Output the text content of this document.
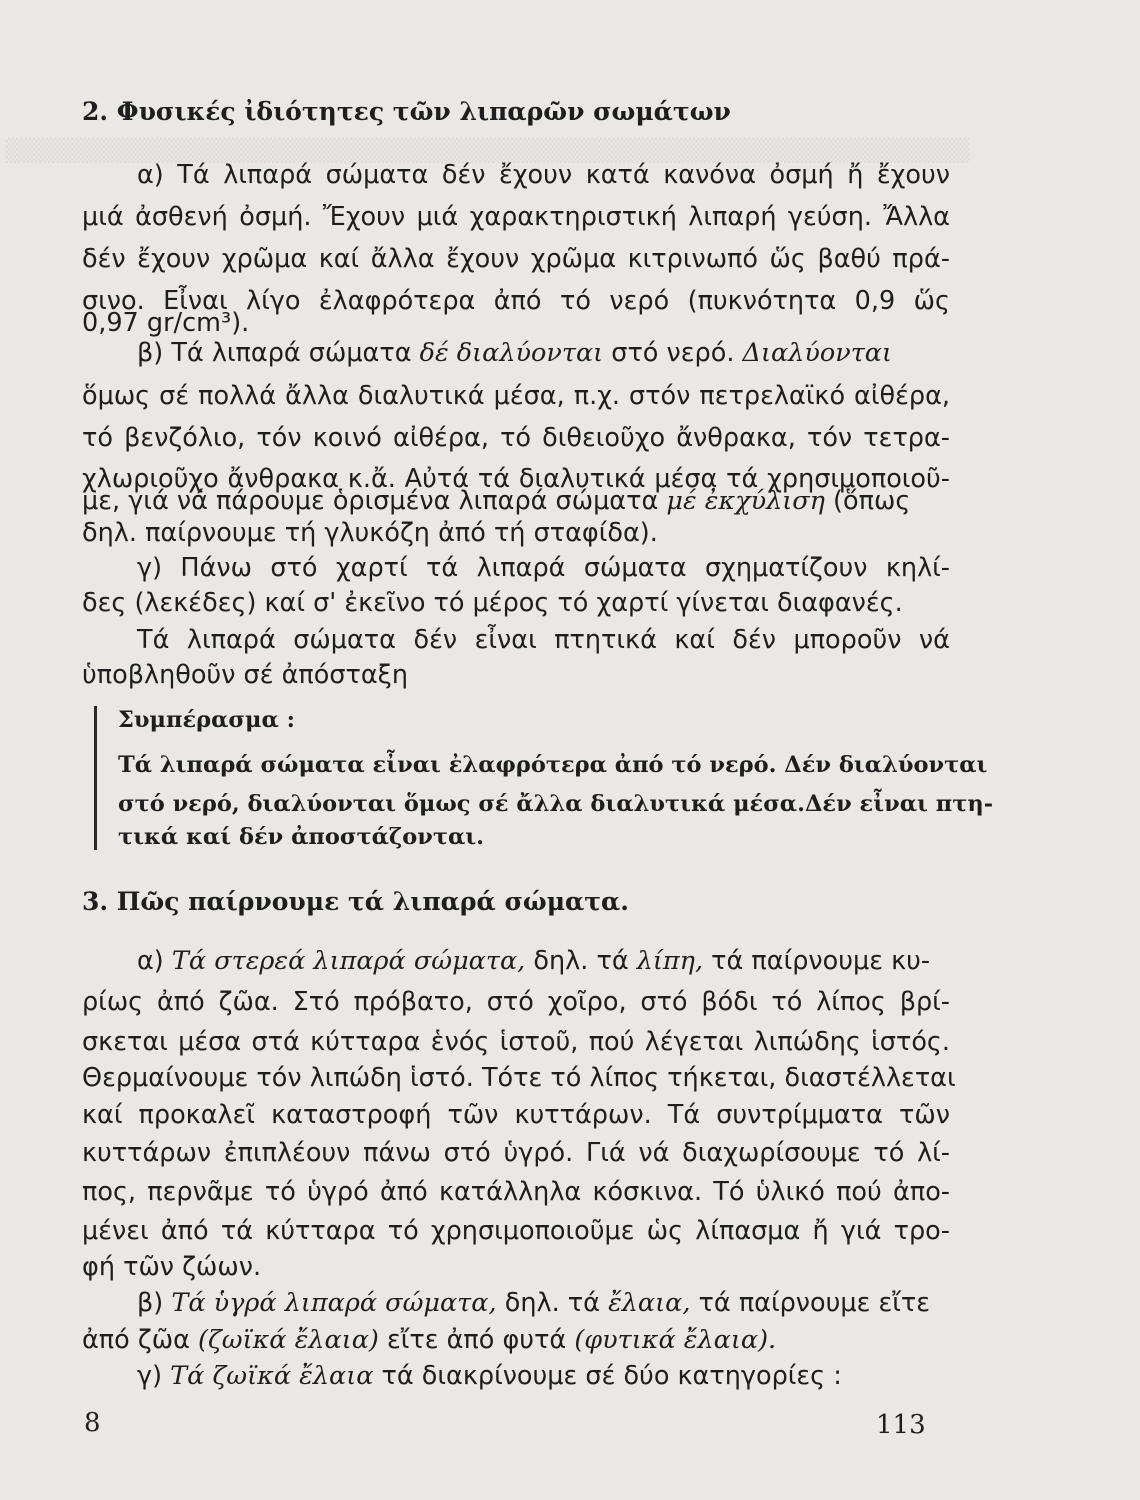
▒▒▒▒▒▒▒▒▒▒▒▒▒▒▒▒▒▒▒▒▒▒▒▒▒▒▒▒▒▒▒▒▒▒▒▒▒▒▒▒▒▒▒▒▒▒▒▒▒▒▒▒▒▒▒▒▒
2. Φυσικές ἰδιότητες τῶν λιπαρῶν σωμάτων
α) Τά λιπαρά σώματα δέν ἔχουν κατά κανόνα ὀσμή ἤ ἔχουν
μιά ἀσθενή ὀσμή. Ἔχουν μιά χαρακτηριστική λιπαρή γεύση. Ἄλλα
δέν ἔχουν χρῶμα καί ἄλλα ἔχουν χρῶμα κιτρινωπό ὥς βαθύ πρά-
σινο. Εἶναι λίγο ἐλαφρότερα ἀπό τό νερό (πυκνότητα 0,9 ὥς
0,97 gr/cm³).
β) Τά λιπαρά σώματα δέ διαλύονται στό νερό. Διαλύονται
ὅμως σέ πολλά ἄλλα διαλυτικά μέσα, π.χ. στόν πετρελαϊκό αἰθέρα,
τό βενζόλιο, τόν κοινό αἰθέρα, τό διθειοῦχο ἄνθρακα, τόν τετρα-
χλωριοῦχο ἄνθρακα κ.ἄ. Αὐτά τά διαλυτικά μέσα τά χρησιμοποιοῦ-
με, γιά νά πάρουμε ὁρισμένα λιπαρά σώματα μέ ἐκχύλιση (ὅπως
δηλ. παίρνουμε τή γλυκόζη ἀπό τή σταφίδα).
γ) Πάνω στό χαρτί τά λιπαρά σώματα σχηματίζουν κηλί-
δες (λεκέδες) καί σ' ἐκεῖνο τό μέρος τό χαρτί γίνεται διαφανές.
Τά λιπαρά σώματα δέν εἶναι πτητικά καί δέν μποροῦν νά
ὑποβληθοῦν σέ ἀπόσταξη
Συμπέρασμα :
Τά λιπαρά σώματα εἶναι ἐλαφρότερα ἀπό τό νερό. Δέν διαλύονται
στό νερό, διαλύονται ὅμως σέ ἄλλα διαλυτικά μέσα.Δέν εἶναι πτη-
τικά καί δέν ἀποστάζονται.
3. Πῶς παίρνουμε τά λιπαρά σώματα.
α) Τά στερεά λιπαρά σώματα, δηλ. τά λίπη, τά παίρνουμε κυ-
ρίως ἀπό ζῶα. Στό πρόβατο, στό χοῖρο, στό βόδι τό λίπος βρί-
σκεται μέσα στά κύτταρα ἑνός ἱστοῦ, πού λέγεται λιπώδης ἱστός.
Θερμαίνουμε τόν λιπώδη ἱστό. Τότε τό λίπος τήκεται, διαστέλλεται
καί προκαλεῖ καταστροφή τῶν κυττάρων. Τά συντρίμματα τῶν
κυττάρων ἐπιπλέουν πάνω στό ὑγρό. Γιά νά διαχωρίσουμε τό λί-
πος, περνᾶμε τό ὑγρό ἀπό κατάλληλα κόσκινα. Τό ὑλικό πού ἀπο-
μένει ἀπό τά κύτταρα τό χρησιμοποιοῦμε ὡς λίπασμα ἤ γιά τρο-
φή τῶν ζώων.
β) Τά ὑγρά λιπαρά σώματα, δηλ. τά ἔλαια, τά παίρνουμε εἴτε
ἀπό ζῶα (ζωϊκά ἔλαια) εἴτε ἀπό φυτά (φυτικά ἔλαια).
γ) Τά ζωϊκά ἔλαια τά διακρίνουμε σέ δύο κατηγορίες :
8	113
